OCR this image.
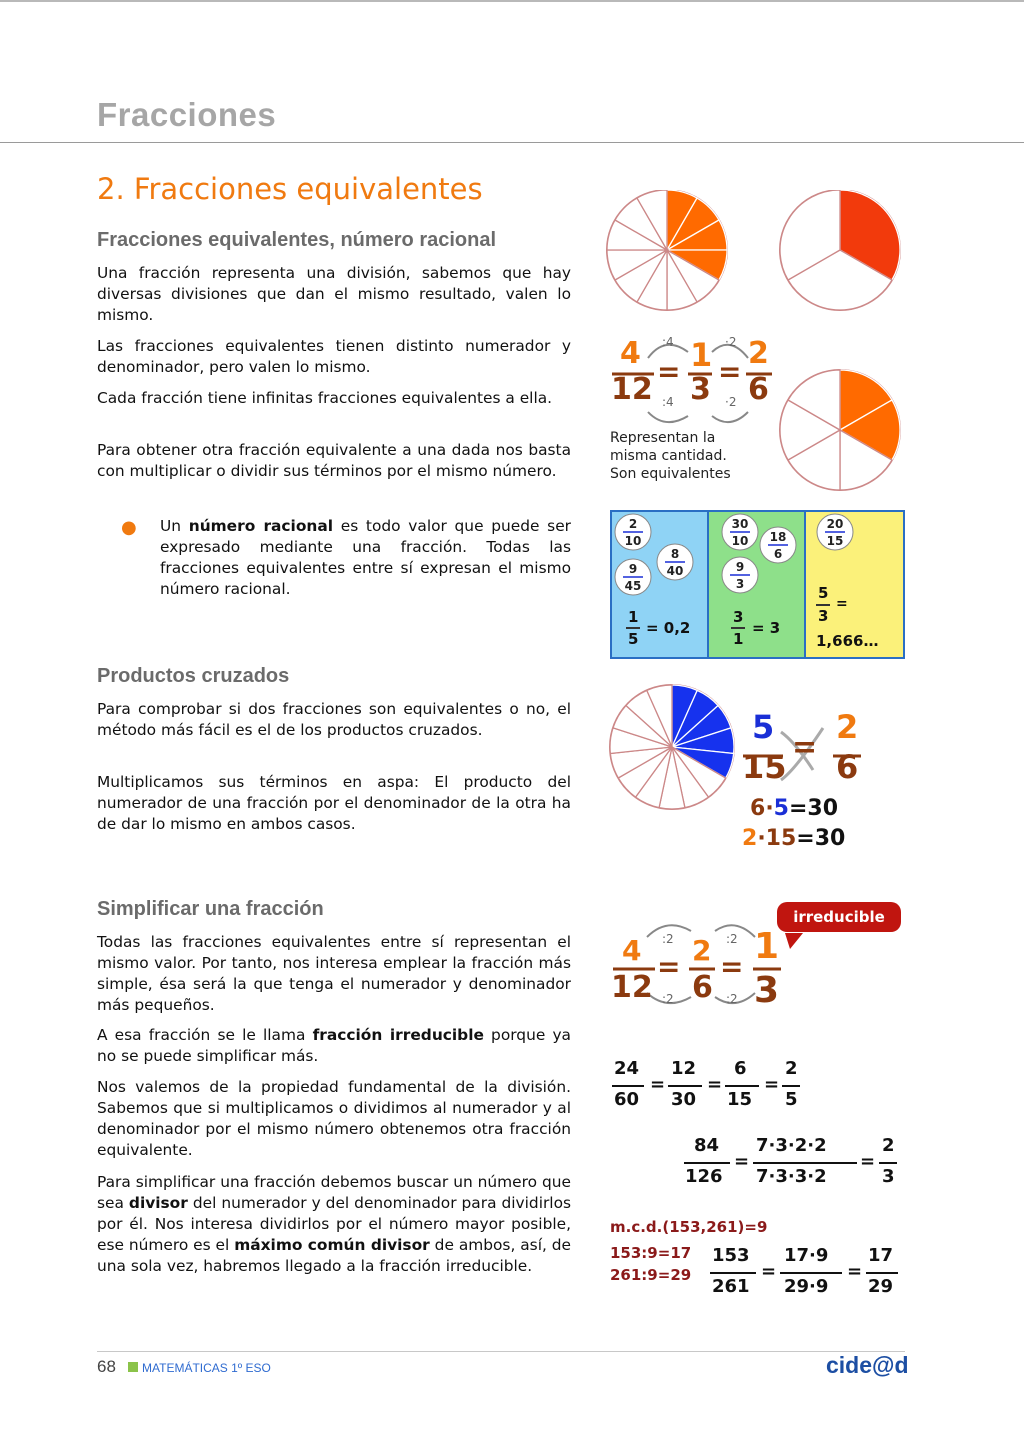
Fracciones
2. Fracciones equivalentes
Fracciones equivalentes, número racional
Una fracción representa una división, sabemos que hay diversas divisiones que dan el mismo resultado, valen lo mismo.
Las fracciones equivalentes tienen distinto numerador y denominador, pero valen lo mismo.
Cada fracción tiene infinitas fracciones equivalentes a ella.
Para obtener otra fracción equivalente a una dada nos basta con multiplicar o dividir sus términos por el mismo número.
● Un número racional es todo valor que puede ser expresado mediante una fracción. Todas las fracciones equivalentes entre sí expresan el mismo número racional.
4
12
= 1
3
=
2
6
:4	·2
:4	·2
Representan la
misma cantidad.
Son equivalentes
2
10
8
40
9
45
30
10 18
6
9
3
20
15
1
5
= 0,2
3
1
= 3
5
3
=
1,666…
Productos cruzados
Para comprobar si dos fracciones son equivalentes o no, el método más fácil es el de los productos cruzados.
Multiplicamos sus términos en aspa: El producto del numerador de una fracción por el denominador de la otra ha de dar lo mismo en ambos casos.
5
15
=
2
6
6·5=30
2·15=30
Simplificar una fracción
Todas las fracciones equivalentes entre sí representan el mismo valor. Por tanto, nos interesa emplear la fracción más simple, ésa será la que tenga el numerador y denominador más pequeños.
A esa fracción se le llama fracción irreducible porque ya no se puede simplificar más.
Nos valemos de la propiedad fundamental de la división. Sabemos que si multiplicamos o dividimos al numerador y al denominador por el mismo número obtenemos otra fracción equivalente.
Para simplificar una fracción debemos buscar un número que sea divisor del numerador y del denominador para dividirlos por él. Nos interesa dividirlos por el número mayor posible, ese número es el máximo común divisor de ambos, así, de una sola vez, habremos llegado a la fracción irreducible.
irreducible
4
12
= 2
6
= 1
3
:2	:2
:2	:2
24
60
=
12
30
=
6
15
=
2
5
84
126
=
7·3·2·2
7·3·3·2
=
2
3
m.c.d.(153,261)=9
153:9=17
261:9=29
153
261
=
17·9
29·9
=
17
29
68 MATEMÁTICAS 1º ESO	cide@d
